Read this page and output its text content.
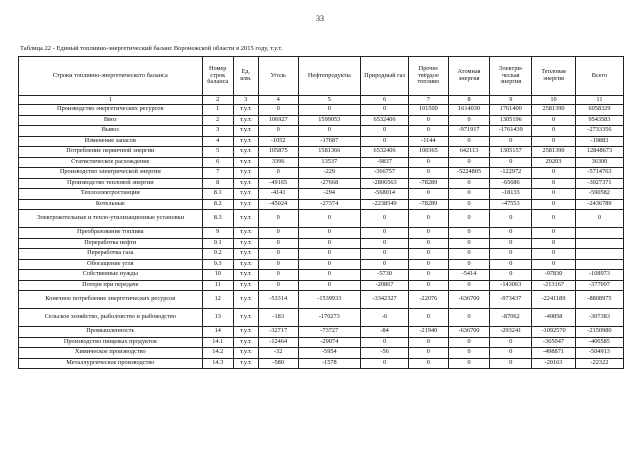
33
Таблица 22 - Единый топливно-энергетический баланс Воронежской области в 2015 году, т.у.т.
Строки топливно-энергетического баланса	Номер строк баланса	Ед. изм.	Уголь	Нефтепродукты	Природный газ	Прочее твёрдое топливо	Атомная энергия	Электри-ческая энергия	Тепловая энергия	Всего
1	2	3	4	5	6	7	8	9	10	11
Производство энергетических ресурсов	1	т.у.т.	0	0	0	101509	1614030	1761400	2581390	6058329
Ввоз	2	т.у.т.	106927	1599053	6532406	0	0	1305196	0	9543583
Вывоз	3	т.у.т.	0	0	0	0	-971917	-1761439	0	-2733356
Изменение запасов	4	т.у.т.	-1052	-17687	0	-1144	0	0	0	-19883
Потребление первичной энергии	5	т.у.т.	105875	1581366	6532406	100365	642113	1305157	2581390	12848673
Статистическое расхождение	6	т.у.т.	3396	13537	-9837	0	0	0	29203	36300
Производство электрической энергии	7	т.у.т.	0	-229	-366757	0	-5224805	-122972	0	-5714763
Производство тепловой энергии	8	т.у.т.	-49165	-27668	-2806563	-78289	0	-65686	0	-3027371
Теплоэлектростанции	8.1	т.у.т.	-4141	-294	-568014	0	0	-18133	0	-590582
Котельные	8.2	т.у.т.	-45024	-27374	-2238549	-78289	0	-47553	0	-2436789
Электрокотельные и тепло-утилизационные установки	8.3	т.у.т.	0	0	0	0	0	0	0	0
Преобразование топлива	9	т.у.т.	0	0	0	0	0	0	0	
Переработка нефти	9.1	т.у.т.	0	0	0	0	0	0	0	
Переработка газа	9.2	т.у.т.	0	0	0	0	0	0	0	
Обогащение угля	9.3	т.у.т.	0	0	0	0	0	0	0	
Собственные нужды	10	т.у.т.	0	0	-5730	0	-5414	0	-97830	-108973
Потери при передаче	11	т.у.т.	0	0	-20867	0	0	-143063	-213167	-377097
Конечное потребление энергетических ресурсов	12	т.у.т.	-53314	-1539933	-3342327	-22076	-636700	-973437	-2241189	-8808975
Сельское хозяйство, рыболовство и рыбоводство	13	т.у.т.	-183	-170273	-6	0	0	-87062	-49858	-307383
Промышленность	14	т.у.т.	-32717	-73727	-84	-21940	-636700	-293241	-1092570	-2150980
Производство пищевых продуктов	14.1	т.у.т.	-12464	-29074	0	0	0	0	-365047	-406585
Химическое производство	14.2	т.у.т.	-32	-5954	-56	0	0	0	-498871	-504913
Металлургическое производство	14.3	т.у.т.	-580	-1578	0	0	0	0	-20163	-22322
